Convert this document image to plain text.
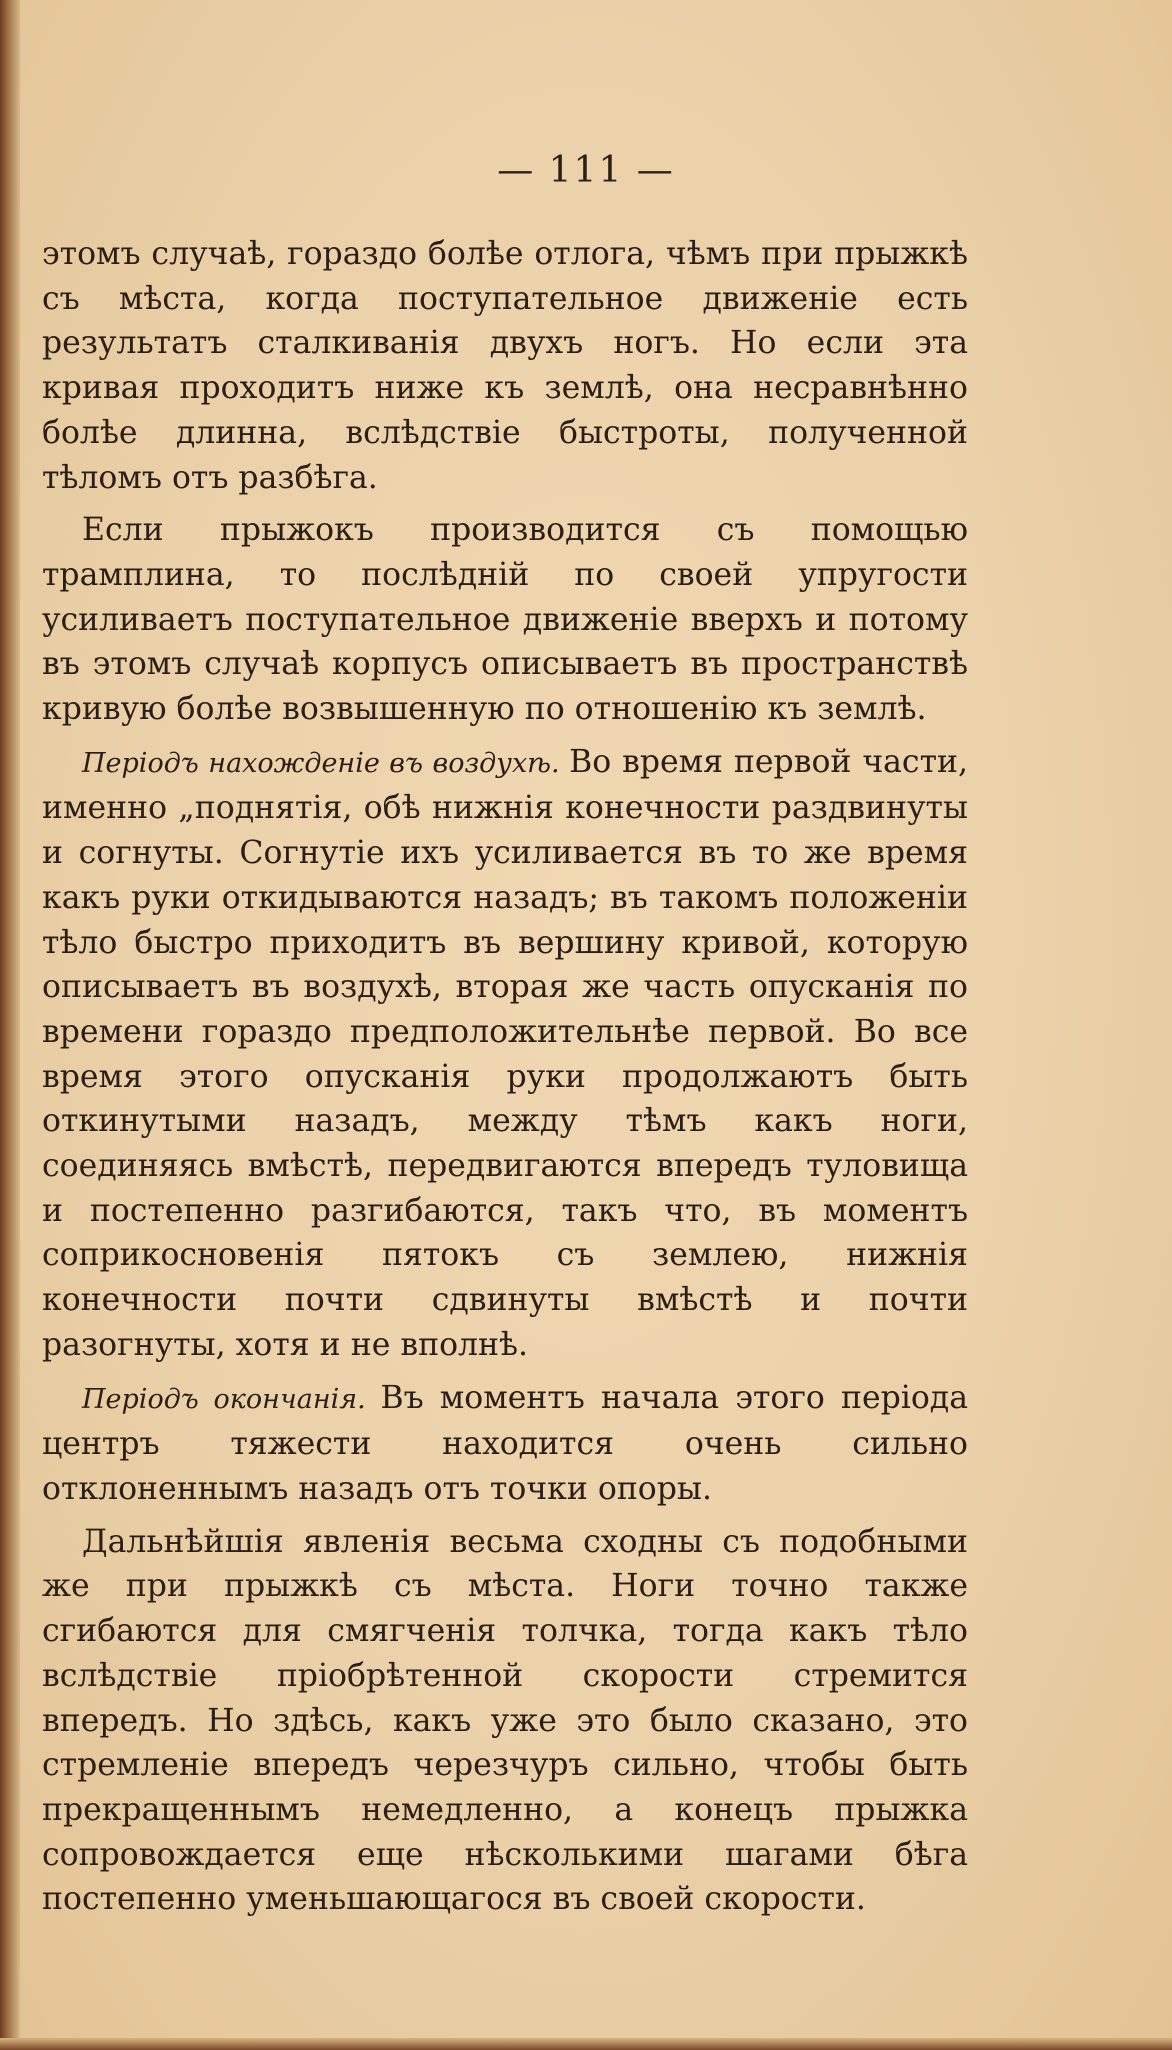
— 111 —

этомъ случаѣ, гораздо болѣе отлога, чѣмъ при прыжкѣ съ мѣста, когда поступательное движенiе есть результатъ сталкиванiя двухъ ногъ. Но если эта кривая проходитъ ниже къ землѣ, она несравнѣнно болѣе длинна, вслѣдствiе быстроты, полученной тѣломъ отъ разбѣга.

Если прыжокъ производится съ помощью трамплина, то послѣднiй по своей упругости усиливаетъ поступательное движенiе вверхъ и потому въ этомъ случаѣ корпусъ описываетъ въ пространствѣ кривую болѣе возвышенную по отношенiю къ землѣ.

Перiодъ нахожденiе въ воздухѣ. Во время первой части, именно „поднятiя, обѣ нижнiя конечности раздвинуты и согнуты. Согнутiе ихъ усиливается въ то же время какъ руки откидываются назадъ; въ такомъ положенiи тѣло быстро приходитъ въ вершину кривой, которую описываетъ въ воздухѣ, вторая же часть опусканiя по времени гораздо предположительнѣе первой. Во все время этого опусканiя руки продолжаютъ быть откинутыми назадъ, между тѣмъ какъ ноги, соединяясь вмѣстѣ, передвигаются впередъ туловища и постепенно разгибаются, такъ что, въ моментъ соприкосновенiя пятокъ съ землею, нижнiя конечности почти сдвинуты вмѣстѣ и почти разогнуты, хотя и не вполнѣ.

Перiодъ окончанiя. Въ моментъ начала этого перiода центръ тяжести находится очень сильно отклоненнымъ назадъ отъ точки опоры.

Дальнѣйшiя явленiя весьма сходны съ подобными же при прыжкѣ съ мѣста. Ноги точно также сгибаются для смягченiя толчка, тогда какъ тѣло вслѣдствiе прiобрѣтенной скорости стремится впередъ. Но здѣсь, какъ уже это было сказано, это стремленiе впередъ черезчуръ сильно, чтобы быть прекращеннымъ немедленно, а конецъ прыжка сопровождается еще нѣсколькими шагами бѣга постепенно уменьшающагося въ своей скорости.
